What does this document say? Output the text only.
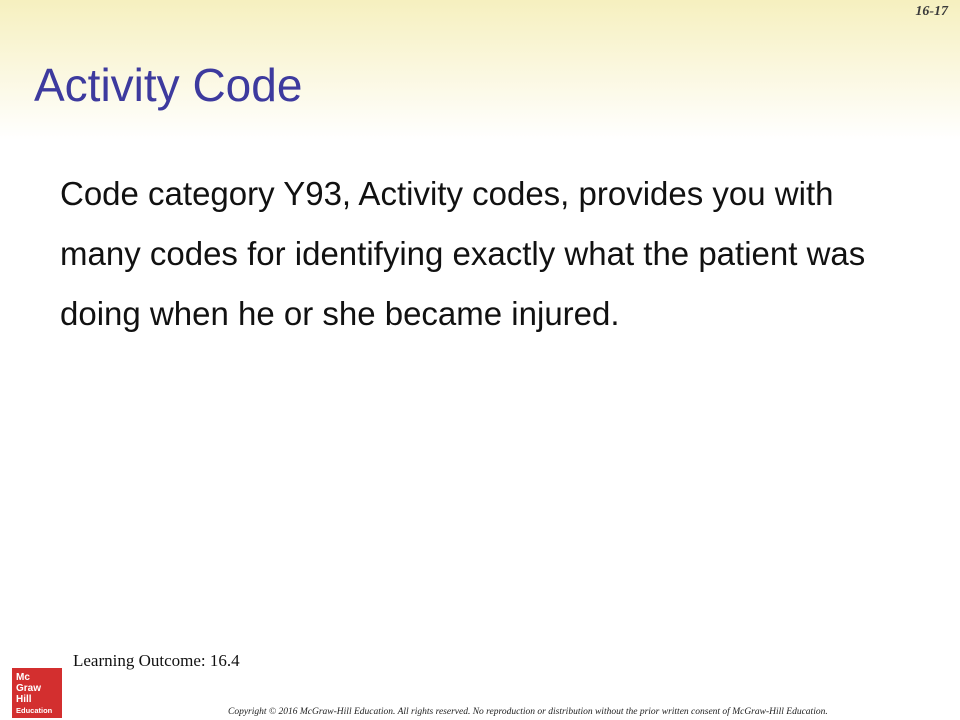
16-17
Activity Code

Code category Y93, Activity codes, provides you with many codes for identifying exactly what the patient was doing when he or she became injured.

Learning Outcome: 16.4
Mc
Graw
Hill
Education	Copyright © 2016 McGraw-Hill Education. All rights reserved. No reproduction or distribution without the prior written consent of McGraw-Hill Education.
